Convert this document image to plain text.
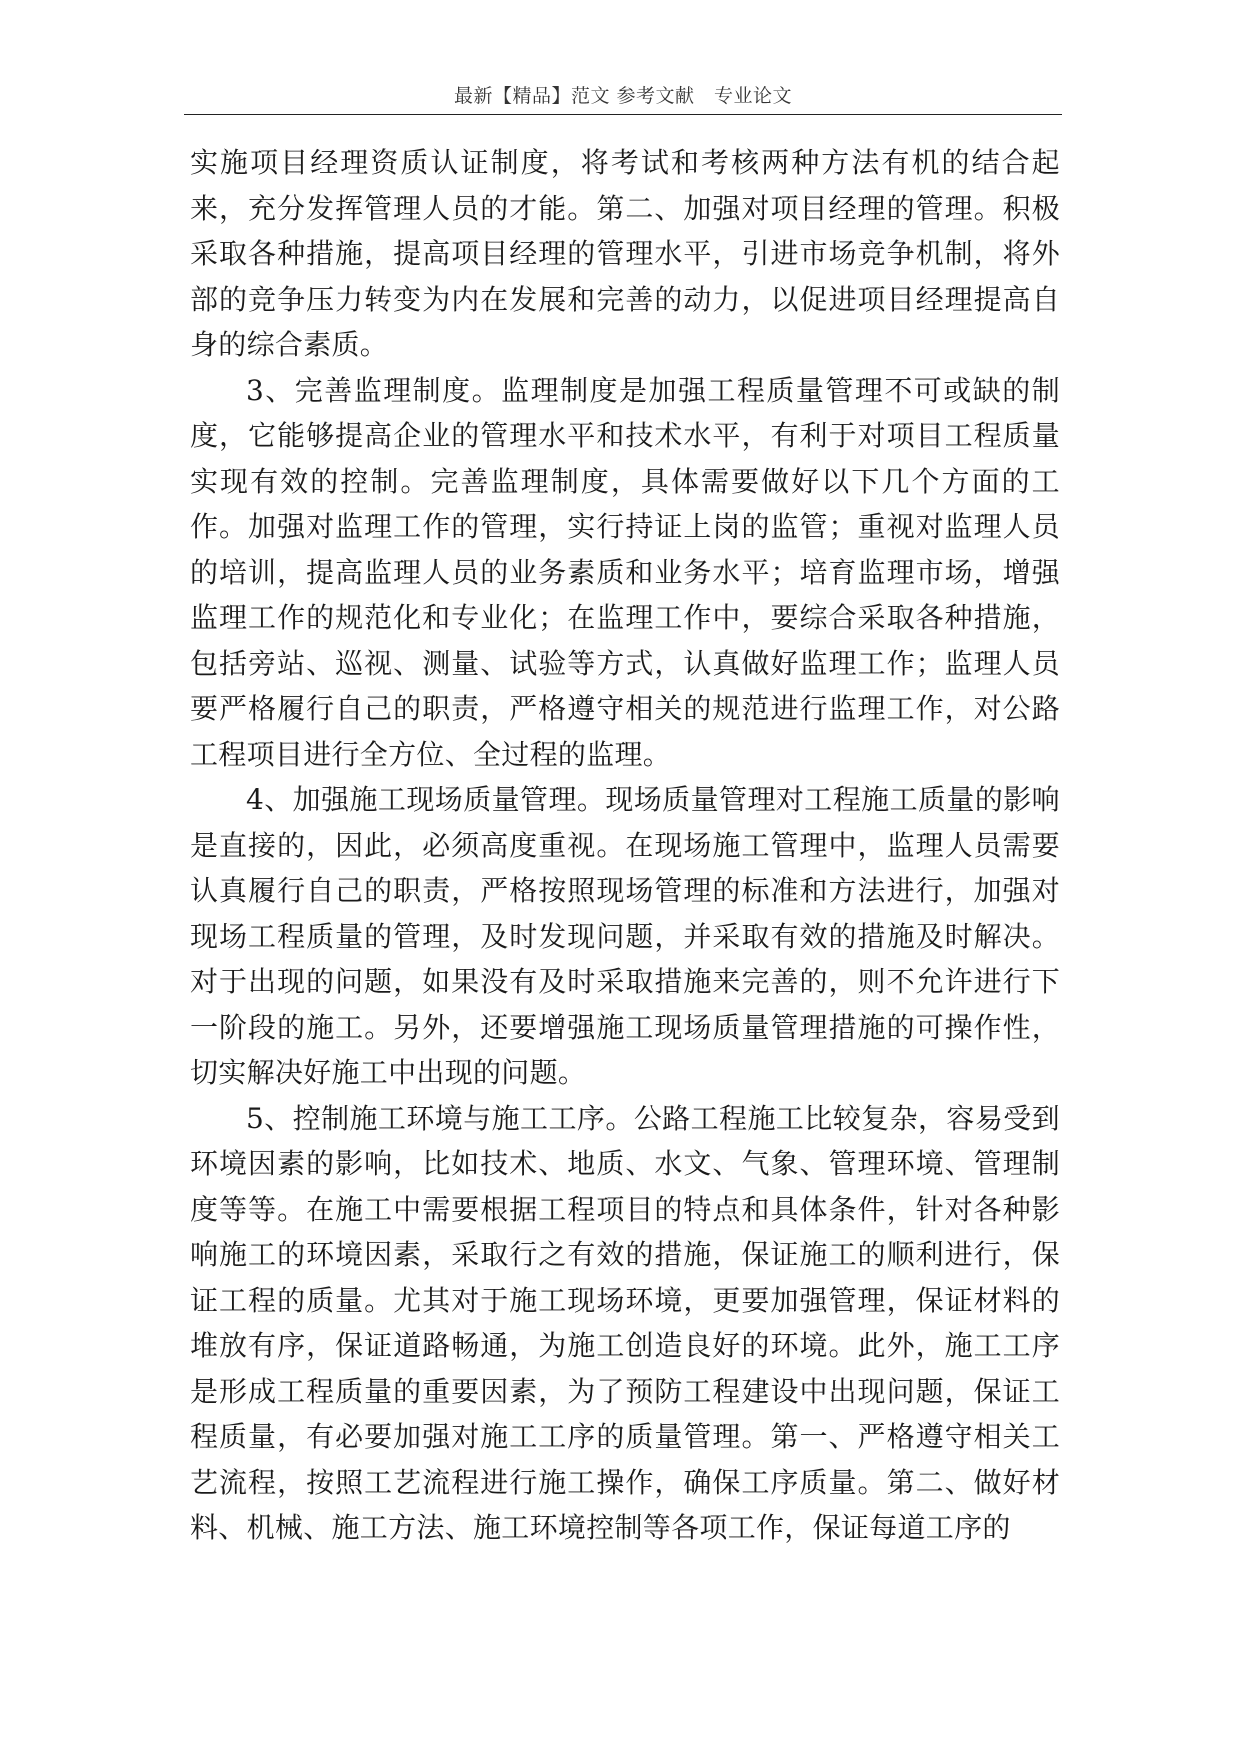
最新【精品】范文 参考文献　专业论文

实施项目经理资质认证制度，将考试和考核两种方法有机的结合起来，充分发挥管理人员的才能。第二、加强对项目经理的管理。积极采取各种措施，提高项目经理的管理水平，引进市场竞争机制，将外部的竞争压力转变为内在发展和完善的动力，以促进项目经理提高自身的综合素质。

3、完善监理制度。监理制度是加强工程质量管理不可或缺的制度，它能够提高企业的管理水平和技术水平，有利于对项目工程质量实现有效的控制。完善监理制度，具体需要做好以下几个方面的工作。加强对监理工作的管理，实行持证上岗的监管；重视对监理人员的培训，提高监理人员的业务素质和业务水平；培育监理市场，增强监理工作的规范化和专业化；在监理工作中，要综合采取各种措施，包括旁站、巡视、测量、试验等方式，认真做好监理工作；监理人员要严格履行自己的职责，严格遵守相关的规范进行监理工作，对公路工程项目进行全方位、全过程的监理。

4、加强施工现场质量管理。现场质量管理对工程施工质量的影响是直接的，因此，必须高度重视。在现场施工管理中，监理人员需要认真履行自己的职责，严格按照现场管理的标准和方法进行，加强对现场工程质量的管理，及时发现问题，并采取有效的措施及时解决。对于出现的问题，如果没有及时采取措施来完善的，则不允许进行下一阶段的施工。另外，还要增强施工现场质量管理措施的可操作性，切实解决好施工中出现的问题。

5、控制施工环境与施工工序。公路工程施工比较复杂，容易受到环境因素的影响，比如技术、地质、水文、气象、管理环境、管理制度等等。在施工中需要根据工程项目的特点和具体条件，针对各种影响施工的环境因素，采取行之有效的措施，保证施工的顺利进行，保证工程的质量。尤其对于施工现场环境，更要加强管理，保证材料的堆放有序，保证道路畅通，为施工创造良好的环境。此外，施工工序是形成工程质量的重要因素，为了预防工程建设中出现问题，保证工程质量，有必要加强对施工工序的质量管理。第一、严格遵守相关工艺流程，按照工艺流程进行施工操作，确保工序质量。第二、做好材料、机械、施工方法、施工环境控制等各项工作，保证每道工序的
